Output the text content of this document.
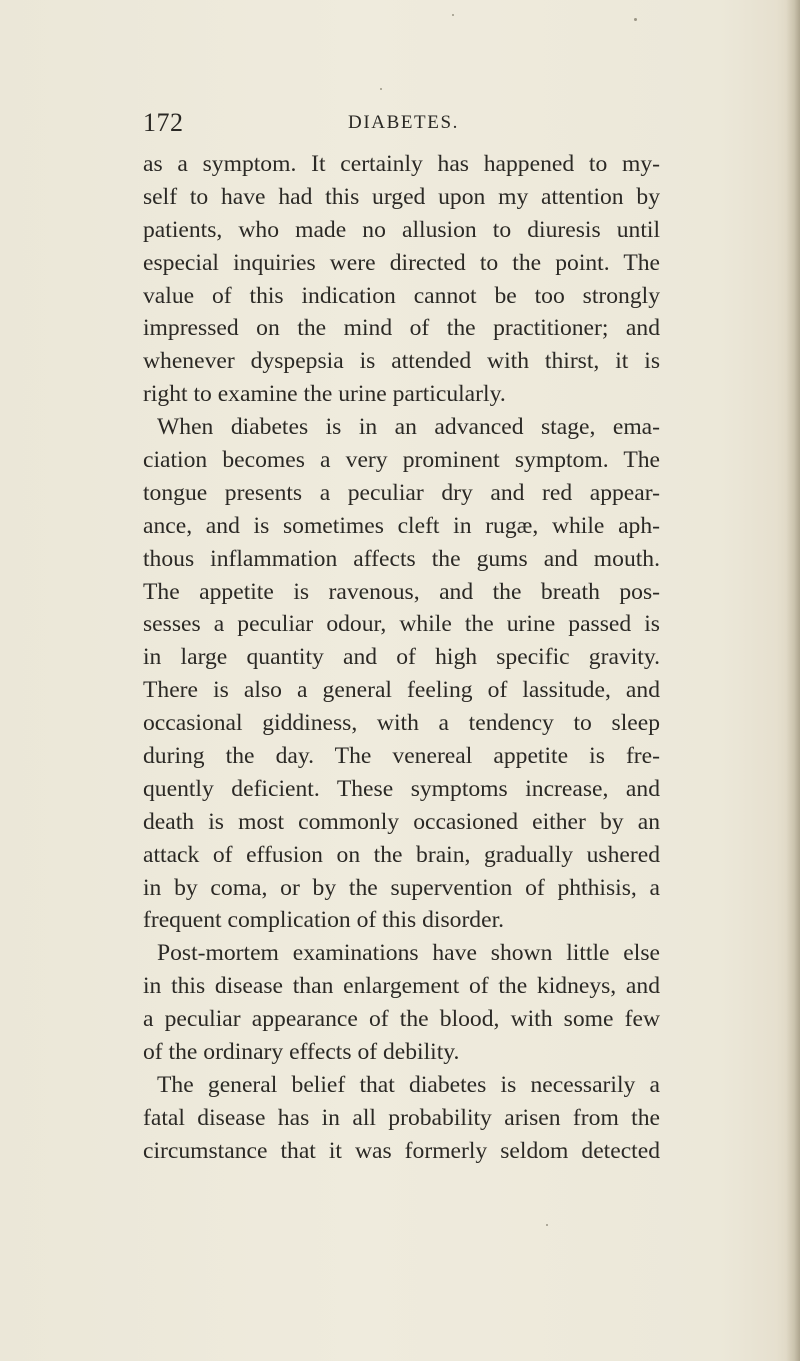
172	DIABETES.
as a symptom. It certainly has happened to my-
self to have had this urged upon my attention by
patients, who made no allusion to diuresis until
especial inquiries were directed to the point. The
value of this indication cannot be too strongly
impressed on the mind of the practitioner; and
whenever dyspepsia is attended with thirst, it is
right to examine the urine particularly.
When diabetes is in an advanced stage, ema-
ciation becomes a very prominent symptom. The
tongue presents a peculiar dry and red appear-
ance, and is sometimes cleft in rugæ, while aph-
thous inflammation affects the gums and mouth.
The appetite is ravenous, and the breath pos-
sesses a peculiar odour, while the urine passed is
in large quantity and of high specific gravity.
There is also a general feeling of lassitude, and
occasional giddiness, with a tendency to sleep
during the day. The venereal appetite is fre-
quently deficient. These symptoms increase, and
death is most commonly occasioned either by an
attack of effusion on the brain, gradually ushered
in by coma, or by the supervention of phthisis, a
frequent complication of this disorder.
Post-mortem examinations have shown little else
in this disease than enlargement of the kidneys, and
a peculiar appearance of the blood, with some few
of the ordinary effects of debility.
The general belief that diabetes is necessarily a
fatal disease has in all probability arisen from the
circumstance that it was formerly seldom detected
